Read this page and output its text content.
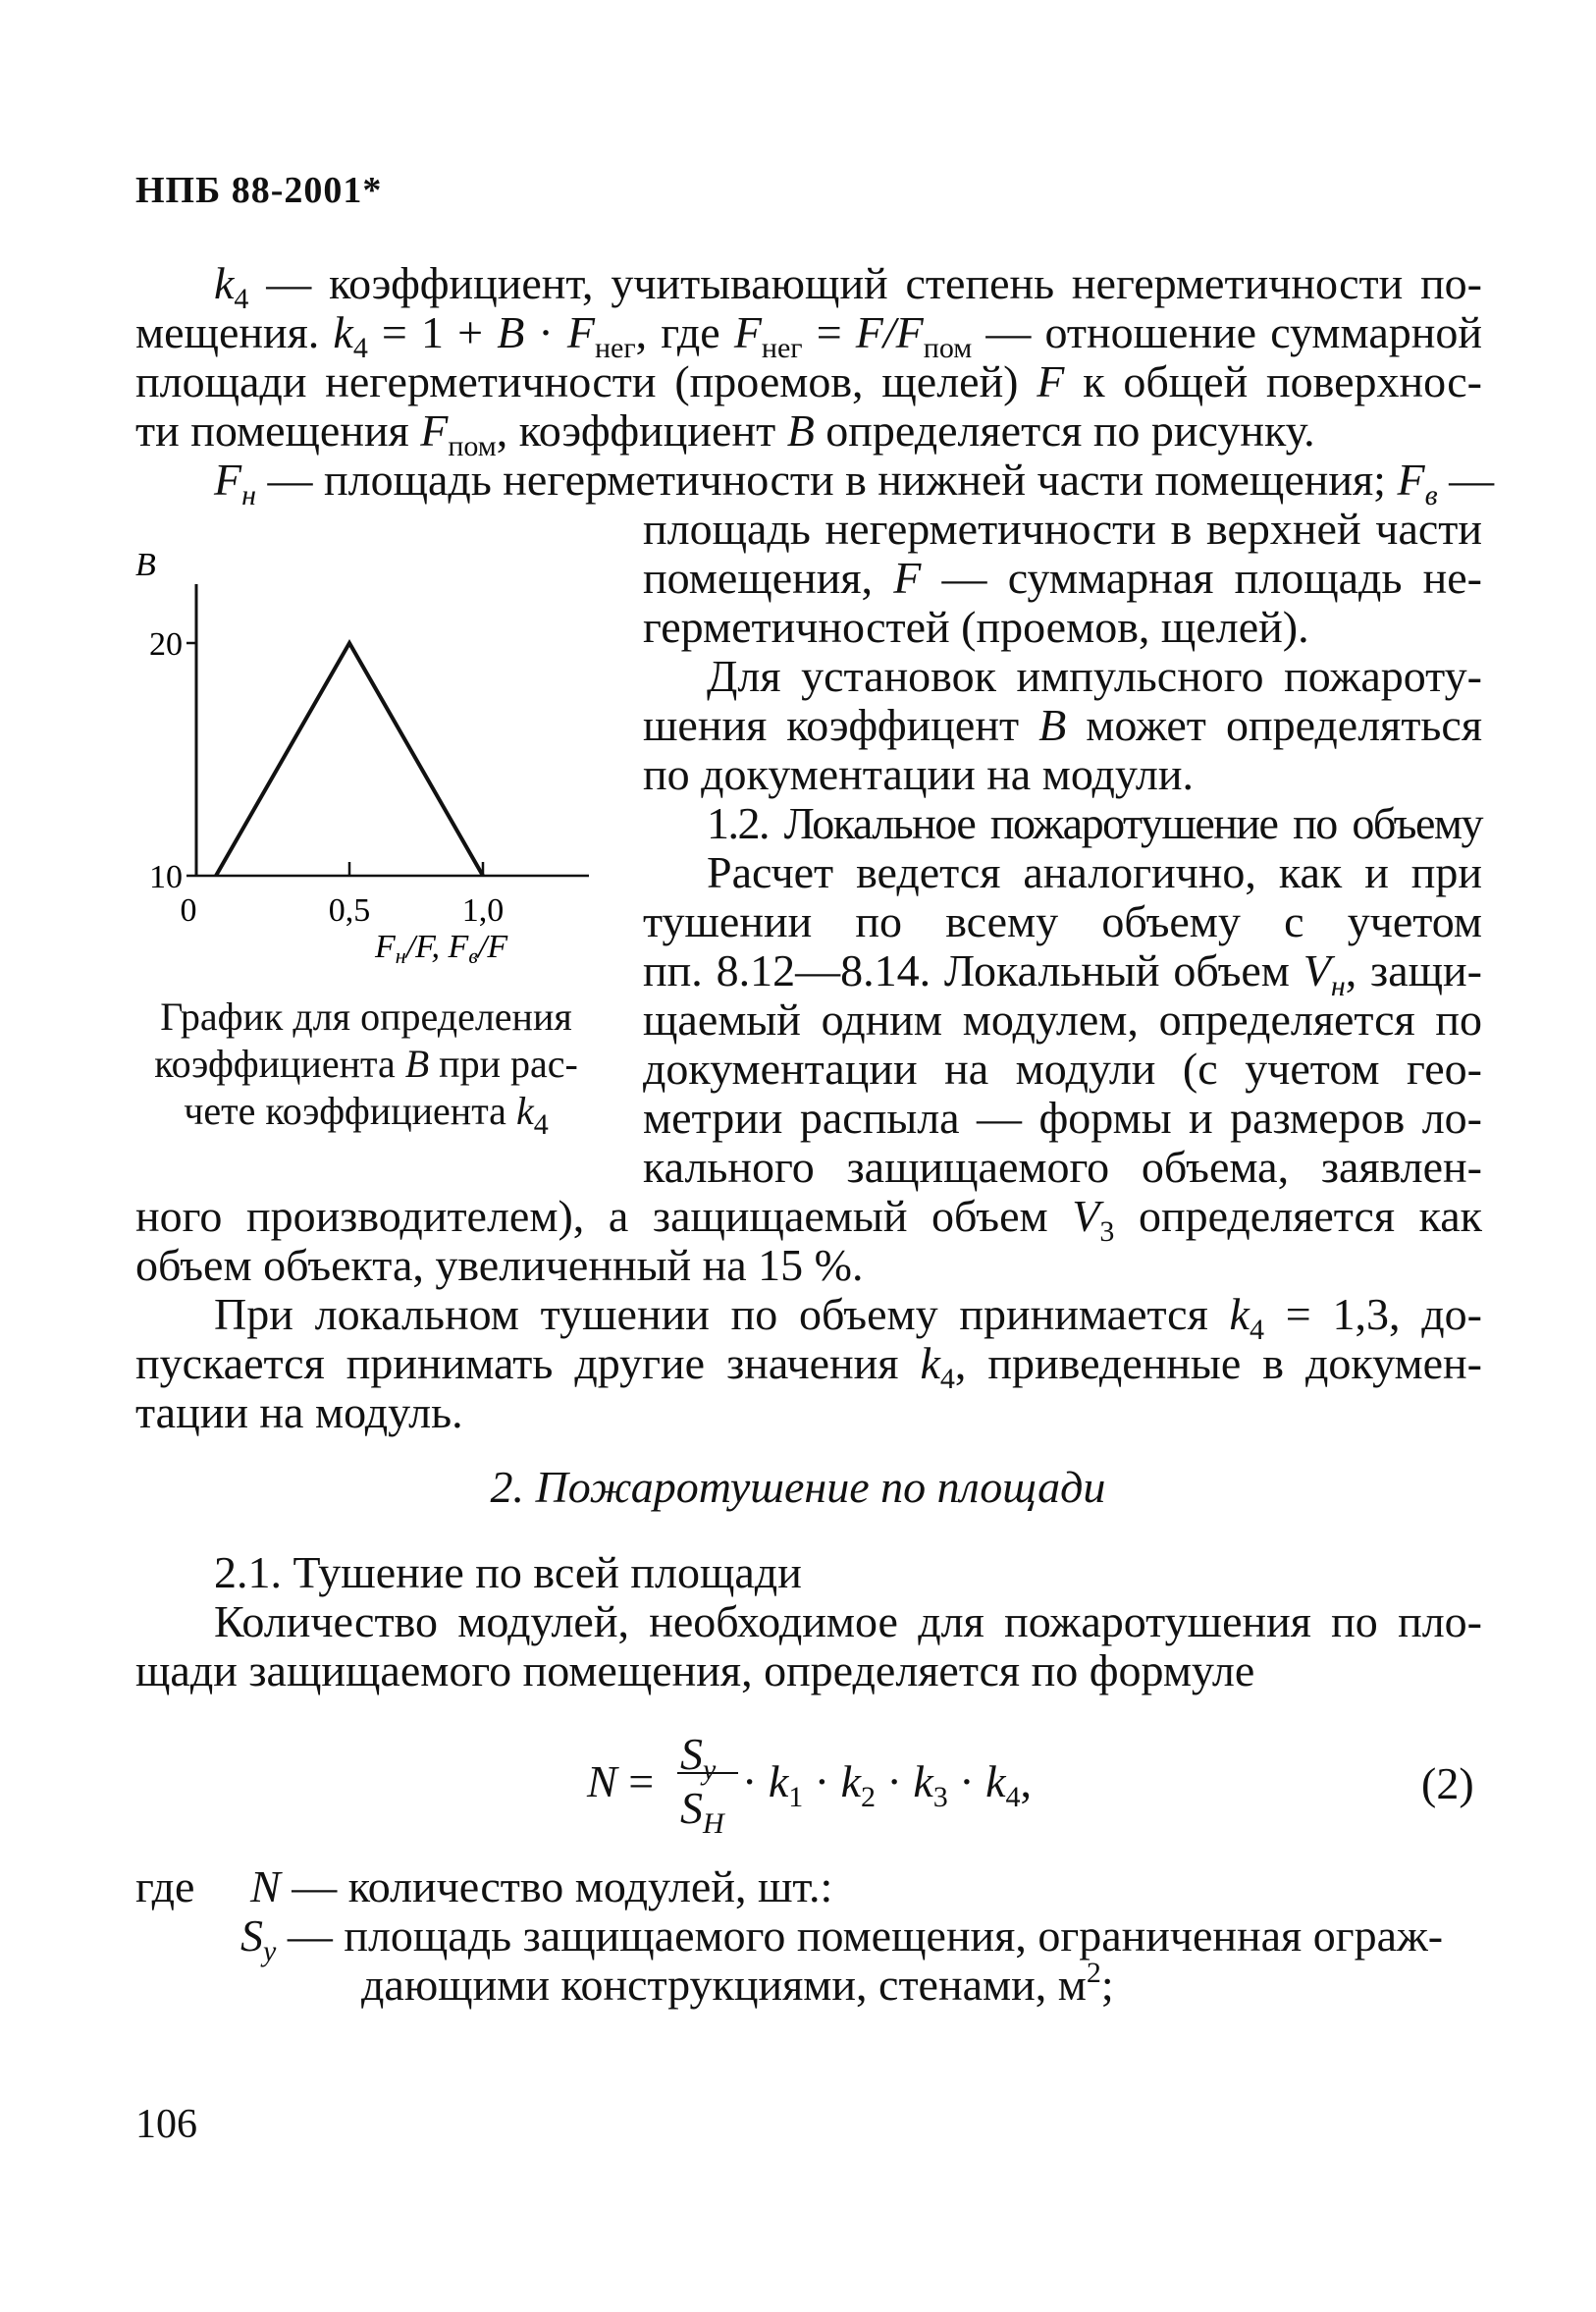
НПБ 88-2001*
$k_4$ — коэффициент, учитывающий степень негерметичности по-
мещения. $k_4 = 1 + B \cdot F_{нег}$, где $F_{нег} = F/F_{пом}$ — отношение суммарной
площади негерметичности (проемов, щелей) F к общей поверхнос-
ти помещения $F_{пом}$, коэффициент B определяется по рисунку.
$F_н$ — площадь негерметичности в нижней части помещения; $F_в$ —
площадь негерметичности в верхней части
помещения, F — суммарная площадь не-
герметичностей (проемов, щелей).
Для установок импульсного пожароту-
шения коэффицент B может определяться
по документации на модули.
1.2. Локальное пожаротушение по объему
Расчет ведется аналогично, как и при
тушении по всему объему с учетом
пп. 8.12—8.14. Локальный объем $V_н$, защи-
щаемый одним модулем, определяется по
документации на модули (с учетом гео-
метрии распыла — формы и размеров ло-
кального защищаемого объема, заявлен-
ного производителем), а защищаемый объем $V_3$ определяется как
объем объекта, увеличенный на 15 %.
При локальном тушении по объему принимается $k_4 = 1,3$, до-
пускается принимать другие значения $k_4$, приведенные в докумен-
тации на модуль.
2. Пожаротушение по площади
2.1. Тушение по всей площади
Количество модулей, необходимое для пожаротушения по пло-
щади защищаемого помещения, определяется по формуле
N =
$S_y$
$S_H$
· $k_1 \cdot k_2 \cdot k_3 \cdot k_4$,	(2)
где N — количество модулей, шт.:
$S_y$ — площадь защищаемого помещения, ограниченная ограж-
дающими конструкциями, стенами, $м^2$;
B
10
20
0	0,5	1,0
Fн/F, Fв/F
График для определения
коэффициента B при рас-
чете коэффициента $k_4$
106
